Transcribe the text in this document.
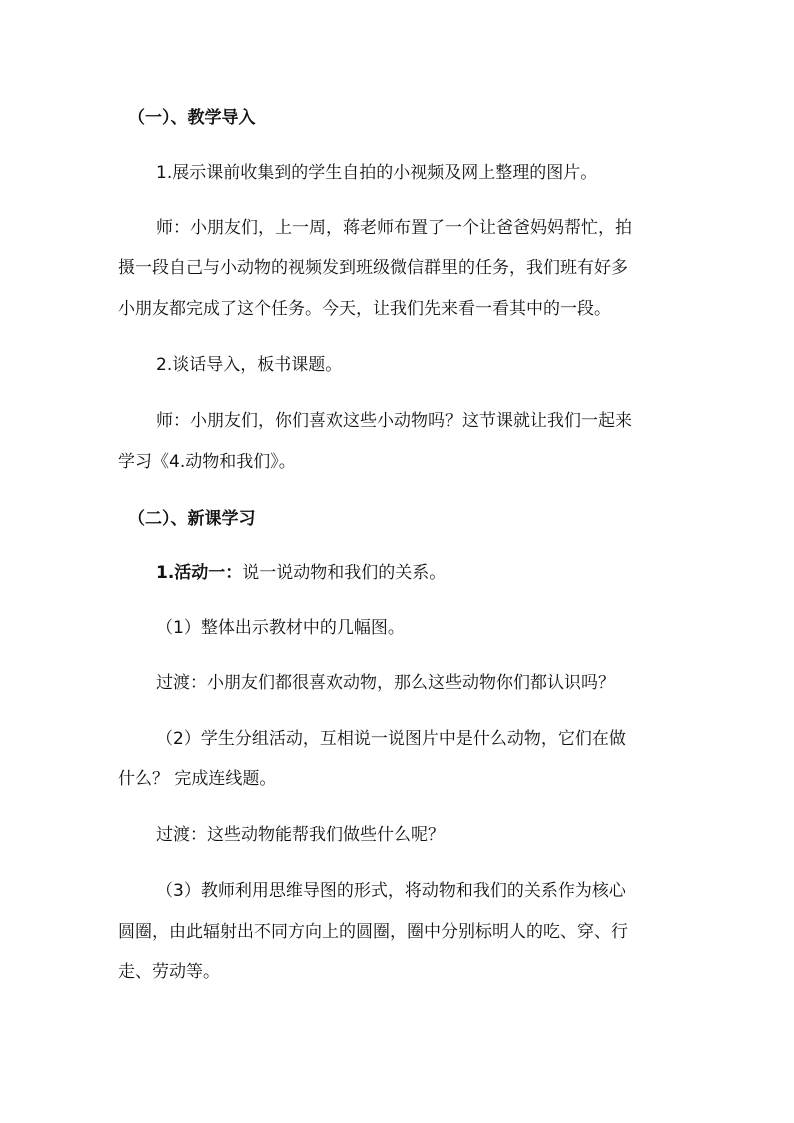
（一）、教学导入
1.展示课前收集到的学生自拍的小视频及网上整理的图片。
师：小朋友们，上一周，蒋老师布置了一个让爸爸妈妈帮忙，拍
摄一段自己与小动物的视频发到班级微信群里的任务，我们班有好多
小朋友都完成了这个任务。今天，让我们先来看一看其中的一段。
2.谈话导入，板书课题。
师：小朋友们，你们喜欢这些小动物吗？这节课就让我们一起来
学习《4.动物和我们》。
（二）、新课学习
1.活动一：说一说动物和我们的关系。
（1）整体出示教材中的几幅图。
过渡：小朋友们都很喜欢动物，那么这些动物你们都认识吗？
（2）学生分组活动，互相说一说图片中是什么动物，它们在做
什么？ 完成连线题。
过渡：这些动物能帮我们做些什么呢？
（3）教师利用思维导图的形式，将动物和我们的关系作为核心
圆圈，由此辐射出不同方向上的圆圈，圈中分别标明人的吃、穿、行
走、劳动等。
